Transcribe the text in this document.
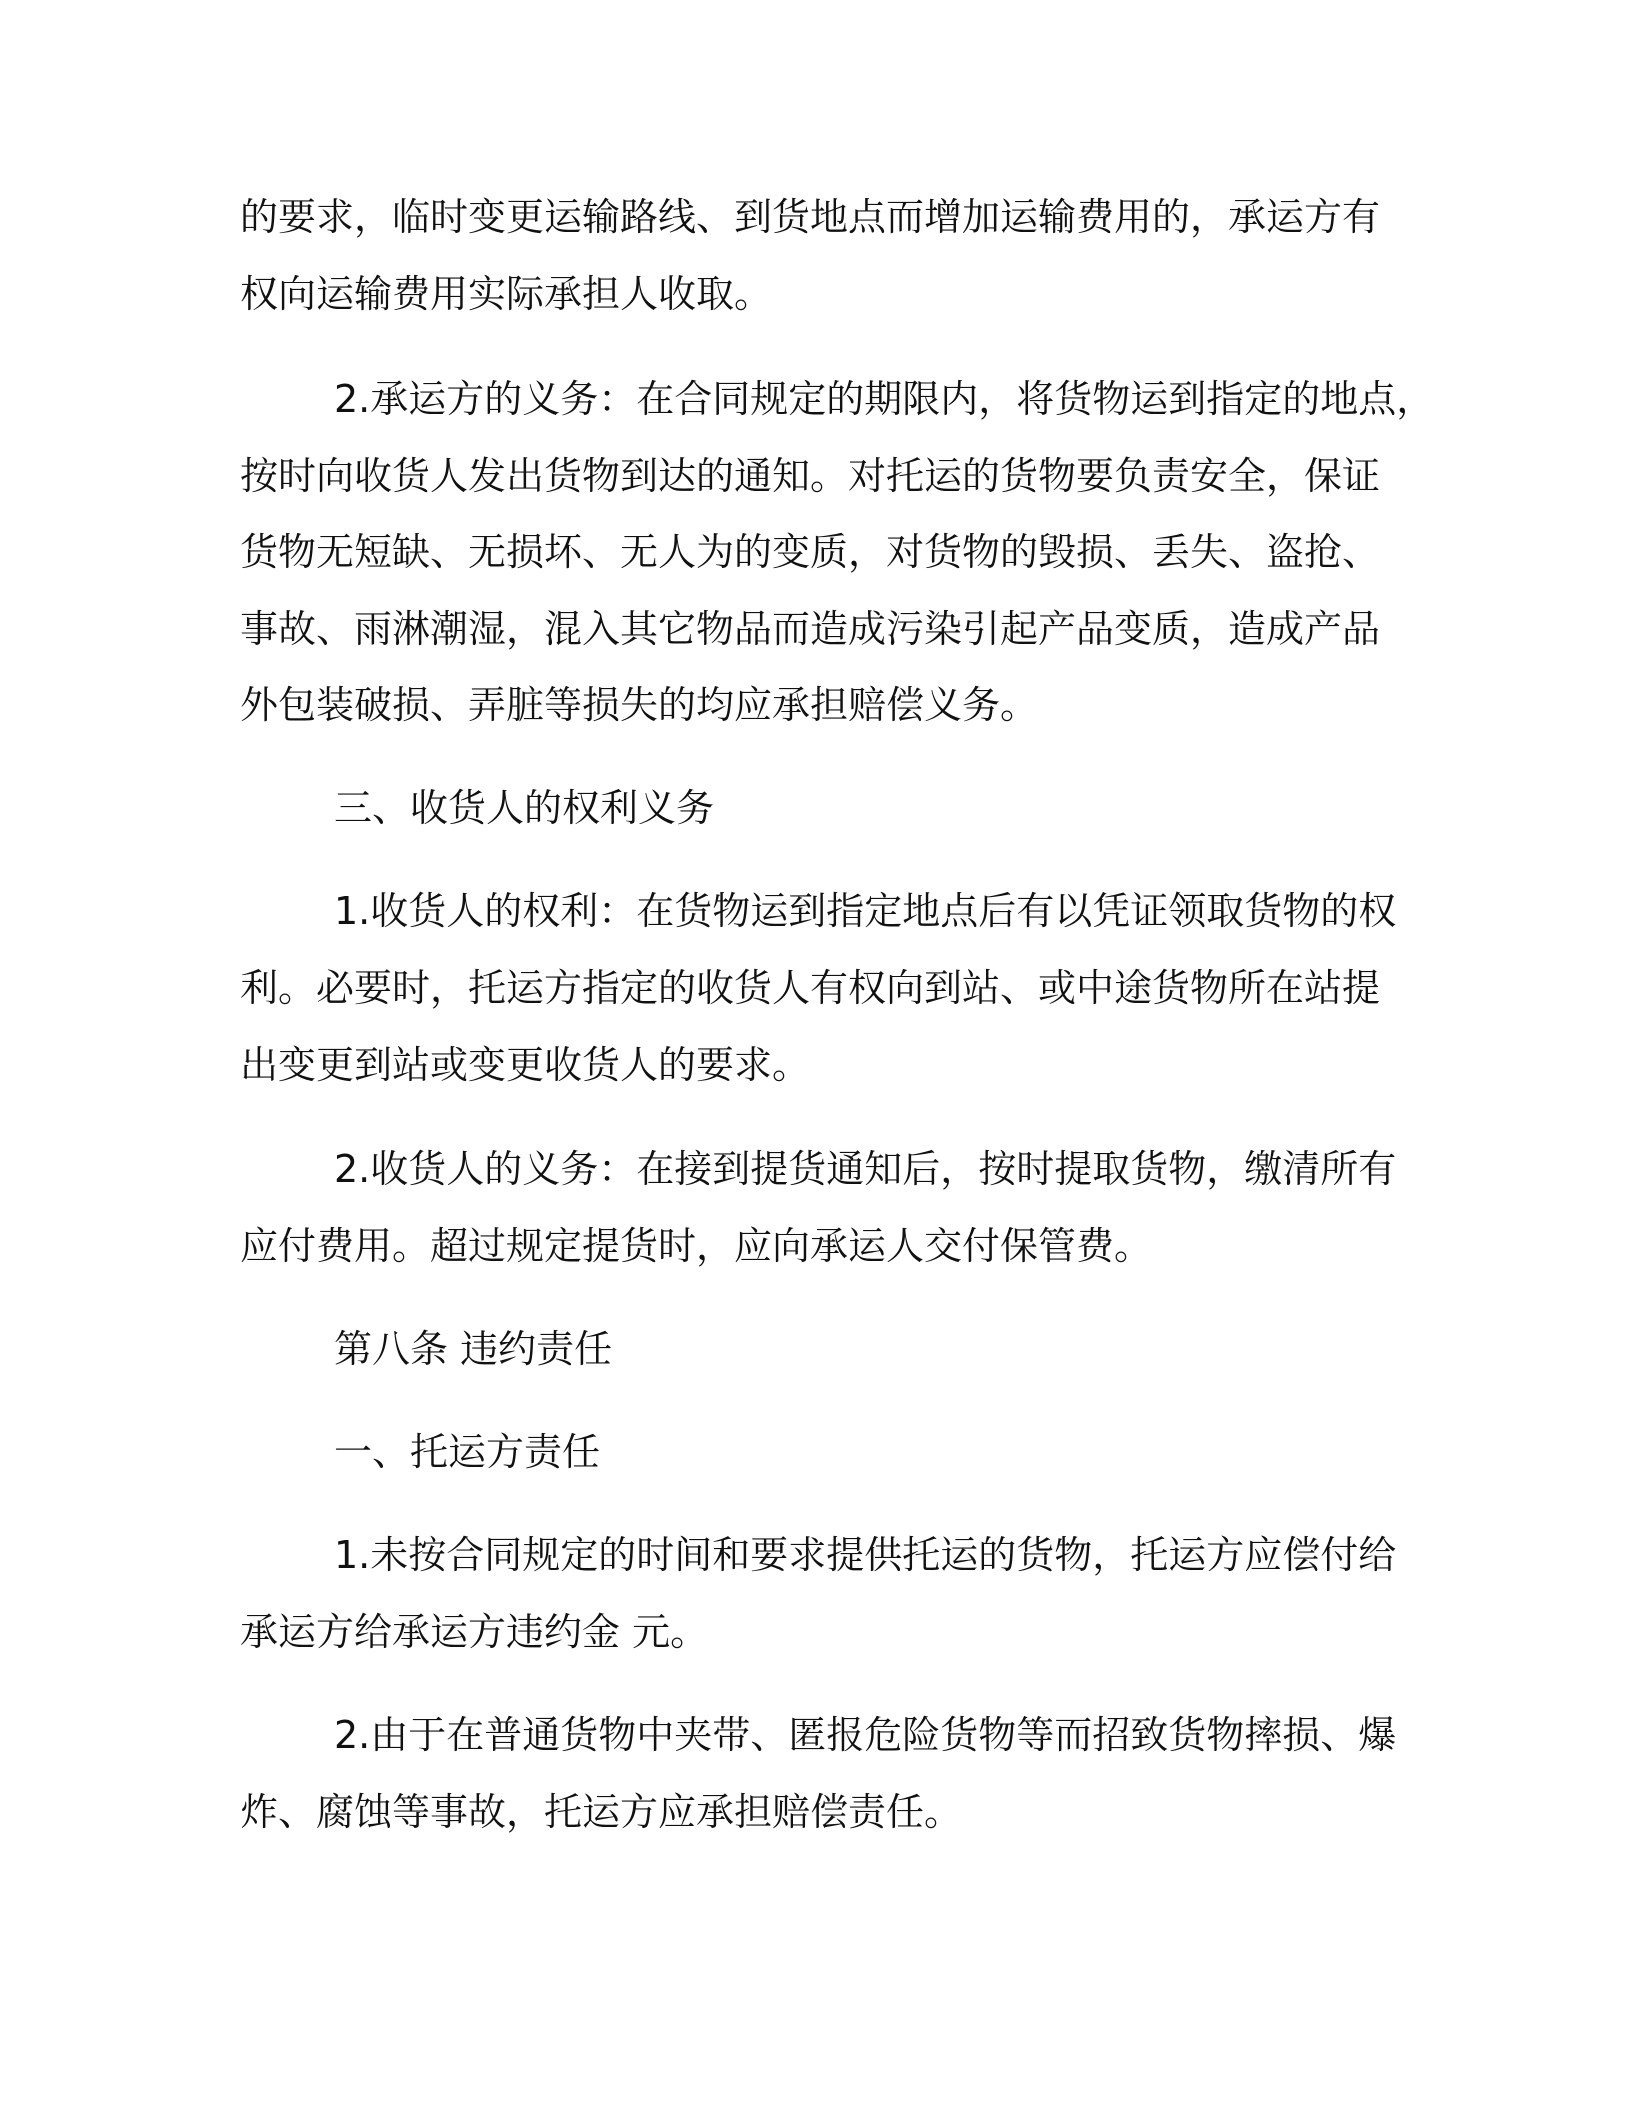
的要求，临时变更运输路线、到货地点而增加运输费用的，承运方有

权向运输费用实际承担人收取。

2.承运方的义务：在合同规定的期限内，将货物运到指定的地点，

按时向收货人发出货物到达的通知。对托运的货物要负责安全，保证

货物无短缺、无损坏、无人为的变质，对货物的毁损、丢失、盗抢、

事故、雨淋潮湿，混入其它物品而造成污染引起产品变质，造成产品

外包装破损、弄脏等损失的均应承担赔偿义务。

三、收货人的权利义务

1.收货人的权利：在货物运到指定地点后有以凭证领取货物的权

利。必要时，托运方指定的收货人有权向到站、或中途货物所在站提

出变更到站或变更收货人的要求。

2.收货人的义务：在接到提货通知后，按时提取货物，缴清所有

应付费用。超过规定提货时，应向承运人交付保管费。

第八条 违约责任

一、托运方责任

1.未按合同规定的时间和要求提供托运的货物，托运方应偿付给

承运方给承运方违约金 元。

2.由于在普通货物中夹带、匿报危险货物等而招致货物摔损、爆

炸、腐蚀等事故，托运方应承担赔偿责任。
